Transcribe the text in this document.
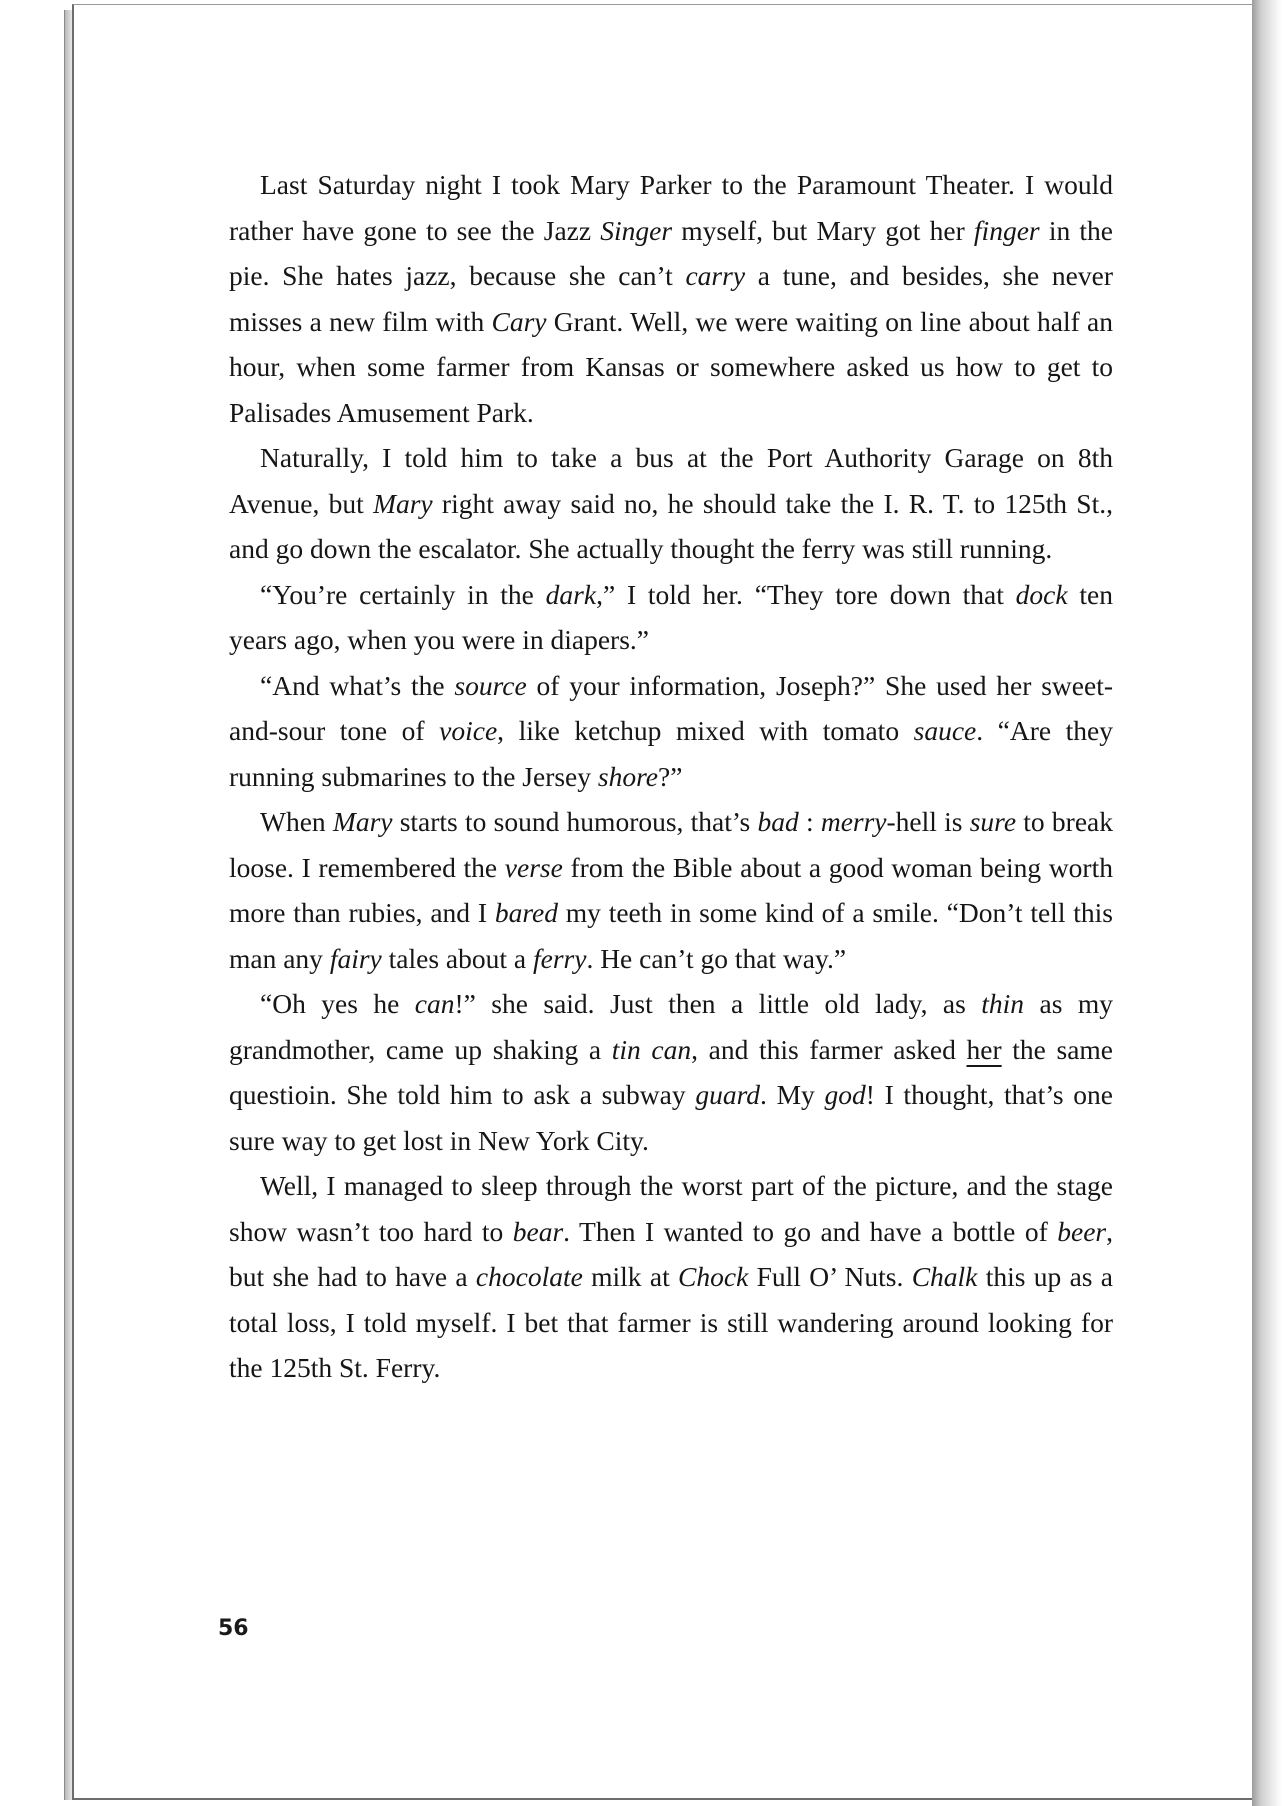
Last Saturday night I took Mary Parker to the Paramount Theater. I would rather have gone to see the Jazz Singer myself, but Mary got her finger in the pie. She hates jazz, because she can’t carry a tune, and besides, she never misses a new film with Cary Grant. Well, we were waiting on line about half an hour, when some farmer from Kansas or somewhere asked us how to get to Palisades Amusement Park.

Naturally, I told him to take a bus at the Port Authority Garage on 8th Avenue, but Mary right away said no, he should take the I. R. T. to 125th St., and go down the escalator. She actually thought the ferry was still running.

“You’re certainly in the dark,” I told her. “They tore down that dock ten years ago, when you were in diapers.”

“And what’s the source of your information, Joseph?” She used her sweet-and-sour tone of voice, like ketchup mixed with tomato sauce. “Are they running submarines to the Jersey shore?”

When Mary starts to sound humorous, that’s bad : merry-hell is sure to break loose. I remembered the verse from the Bible about a good woman being worth more than rubies, and I bared my teeth in some kind of a smile. “Don’t tell this man any fairy tales about a ferry. He can’t go that way.”

“Oh yes he can!” she said. Just then a little old lady, as thin as my grandmother, came up shaking a tin can, and this farmer asked her the same questioin. She told him to ask a subway guard. My god! I thought, that’s one sure way to get lost in New York City.

Well, I managed to sleep through the worst part of the picture, and the stage show wasn’t too hard to bear. Then I wanted to go and have a bottle of beer, but she had to have a chocolate milk at Chock Full O’ Nuts. Chalk this up as a total loss, I told myself. I bet that farmer is still wandering around looking for the 125th St. Ferry.

56
